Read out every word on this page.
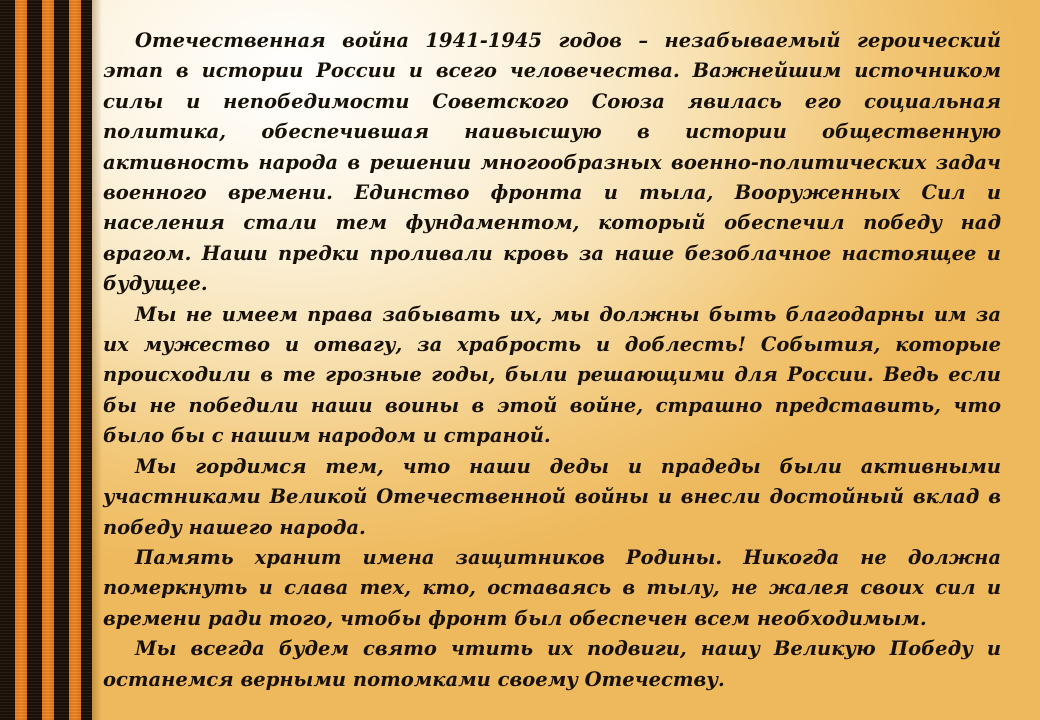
Отечественная война 1941-1945 годов – незабываемый героический этап в истории России и всего человечества. Важнейшим источником силы и непобедимости Советского Союза явилась его социальная политика, обеспечившая наивысшую в истории общественную активность народа в решении многообразных военно-политических задач военного времени. Единство фронта и тыла, Вооруженных Сил и населения стали тем фундаментом, который обеспечил победу над врагом. Наши предки проливали кровь за наше безоблачное настоящее и будущее.

Мы не имеем права забывать их, мы должны быть благодарны им за их мужество и отвагу, за храбрость и доблесть! События, которые происходили в те грозные годы, были решающими для России. Ведь если бы не победили наши воины в этой войне, страшно представить, что было бы с нашим народом и страной.

Мы гордимся тем, что наши деды и прадеды были активными участниками Великой Отечественной войны и внесли достойный вклад в победу нашего народа.

Память хранит имена защитников Родины. Никогда не должна померкнуть и слава тех, кто, оставаясь в тылу, не жалея своих сил и времени ради того, чтобы фронт был обеспечен всем необходимым.

Мы всегда будем свято чтить их подвиги, нашу Великую Победу и останемся верными потомками своему Отечеству.
